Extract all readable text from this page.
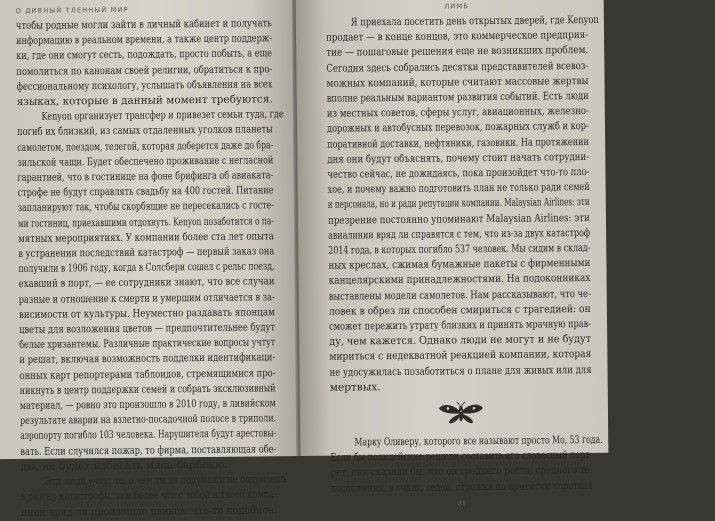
О ДИВНЫЙ ТЛЕННЫЙ МИР
чтобы родные могли зайти в личный кабинет и получать
информацию в реальном времени, а также центр поддерж-
ки, где они смогут сесть, подождать, просто побыть, а еще
помолиться по канонам своей религии, обратиться к про-
фессиональному психологу, услышать объявления на всех
языках, которые в данный момент требуются.
Kenyon организует трансфер и привезет семьи туда, где
погиб их близкий, из самых отдаленных уголков планеты
самолетом, поездом, телегой, которая доберется даже до бра-
зильской чащи. Будет обеспечено проживание с негласной
гарантией, что в гостинице на фоне брифинга об авиаката-
строфе не будут справлять свадьбу на 400 гостей. Питание
запланируют так, чтобы скорбящие не пересекались с госте-
ми гостиниц, приехавшими отдохнуть. Kenyon позаботится о па-
мятных мероприятиях. У компании более ста лет опыта
в устранении последствий катастроф — первый заказ она
получили в 1906 году, когда в Солсбери сошел с рельс поезд,
ехавший в порт, — ее сотрудники знают, что все случаи
разные и отношение к смерти и умершим отличается в за-
висимости от культуры. Неуместно раздавать японцам
цветы для возложения цветов — предпочтительнее будут
белые хризантемы. Различные практические вопросы учтут
и решат, включая возможность подделки идентификаци-
онных карт репортерами таблоидов, стремящимися про-
никнуть в центр поддержки семей и собрать эксклюзивный
материал, — ровно это произошло в 2010 году, в ливийском
результате аварии на взлетно-посадочной полосе в триполи.
аэропорту погибло 103 человека. Нарушителя будут арестовы-
вать. Если случился пожар, то фирма, поставляющая обе-
ды, не будет избегать мяса барбекю.
Эти люди учтут то, о чем ты не подумал и не подумаешь
в разгар катастрофы, тем более что с тобой и твоей компа-
нией вряд ли произошло раньше что-то подобное.
ЛИМБ
Я приехала посетить день открытых дверей, где Kenyon
продает — в конце концов, это коммерческое предприя-
тие — пошаговые решения еще не возникших проблем.
Сегодня здесь собрались десятки представителей всевоз-
можных компаний, которые считают массовые жертвы
вполне реальным вариантом развития событий. Есть люди
из местных советов, сферы услуг, авиационных, железно-
дорожных и автобусных перевозок, пожарных служб и кор-
поративной доставки, нефтяники, газовики. На протяжении
дня они будут объяснять, почему стоит начать сотрудни-
чество сейчас, не дожидаясь, пока произойдет что-то пло-
хое, и почему важно подготовить план не только ради семей
и персонала, но и ради репутации компании. Malaysian Airlines: эти
презрение постоянно упоминают Malaysian Airlines: эти
авиалинии вряд ли справятся с тем, что из-за двух катастроф
2014 года, в которых погибло 537 человек. Мы сидим в склад-
ных креслах, сжимая бумажные пакеты с фирменными
канцелярскими принадлежностями. На подоконниках
выставлены модели самолетов. Нам рассказывают, что че-
ловек в обрез ли способен смириться с трагедией: он
сможет пережить утрату близких и принять мрачную прав-
ду, чем кажется. Однако люди не могут и не будут
мириться с недекватной реакцией компании, которая
не удосужилась позаботиться о плане для живых или для
мертвых.
Марку Оливеру, которого все называют просто Мо, 53 года.
Если бы полицейские решили составить его словесный порт-
рет, они сказали бы, что он среднего роста, среднего те-
лосложения, в очках, седой, стрижка по-армейски короткая
81
